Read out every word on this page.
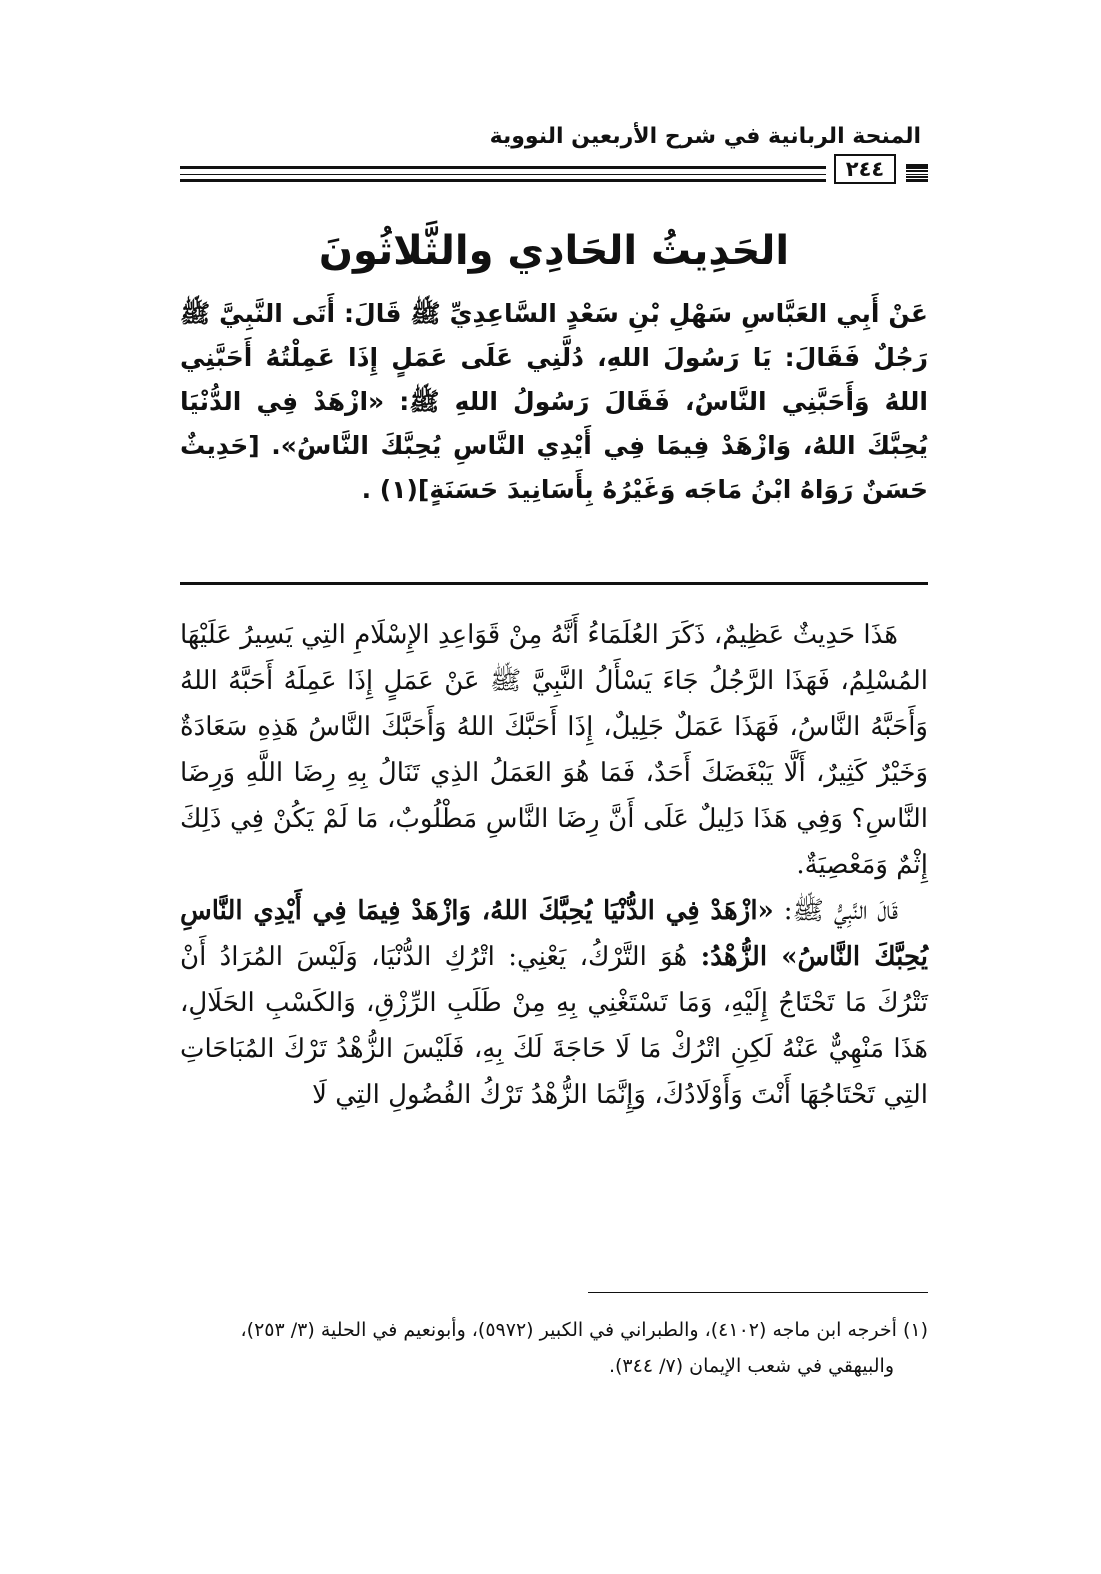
المنحة الربانية في شرح الأربعين النووية
٢٤٤
الحَدِيثُ الحَادِي والثَّلاثُونَ

عَنْ أَبِي العَبَّاسِ سَهْلِ بْنِ سَعْدٍ السَّاعِدِيِّ ﷺ قَالَ: أَتَى النَّبِيَّ ﷺ رَجُلٌ فَقَالَ: يَا رَسُولَ اللهِ، دُلَّنِي عَلَى عَمَلٍ إِذَا عَمِلْتُهُ أَحَبَّنِي اللهُ وَأَحَبَّنِي النَّاسُ، فَقَالَ رَسُولُ اللهِ ﷺ: «ازْهَدْ فِي الدُّنْيَا يُحِبَّكَ اللهُ، وَازْهَدْ فِيمَا فِي أَيْدِي النَّاسِ يُحِبَّكَ النَّاسُ». [حَدِيثٌ حَسَنٌ رَوَاهُ ابْنُ مَاجَه وَغَيْرُهُ بِأَسَانِيدَ حَسَنَةٍ](١) .

هَذَا حَدِيثٌ عَظِيمٌ، ذَكَرَ العُلَمَاءُ أَنَّهُ مِنْ قَوَاعِدِ الإِسْلَامِ التِي يَسِيرُ عَلَيْهَا المُسْلِمُ، فَهَذَا الرَّجُلُ جَاءَ يَسْأَلُ النَّبِيَّ ﷺ عَنْ عَمَلٍ إِذَا عَمِلَهُ أَحَبَّهُ اللهُ وَأَحَبَّهُ النَّاسُ، فَهَذَا عَمَلٌ جَلِيلٌ، إِذَا أَحَبَّكَ اللهُ وَأَحَبَّكَ النَّاسُ هَذِهِ سَعَادَةٌ وَخَيْرٌ كَثِيرٌ، أَلَّا يَبْغَضَكَ أَحَدٌ، فَمَا هُوَ العَمَلُ الذِي تَنَالُ بِهِ رِضَا اللَّهِ وَرِضَا النَّاسِ؟ وَفِي هَذَا دَلِيلٌ عَلَى أَنَّ رِضَا النَّاسِ مَطْلُوبٌ، مَا لَمْ يَكُنْ فِي ذَلِكَ إِثْمٌ وَمَعْصِيَةٌ.

قَالَ النَّبِيُّ ﷺ: «ازْهَدْ فِي الدُّنْيَا يُحِبَّكَ اللهُ، وَازْهَدْ فِيمَا فِي أَيْدِي النَّاسِ يُحِبَّكَ النَّاسُ» الزُّهْدُ: هُوَ التَّرْكُ، يَعْنِي: اتْرُكِ الدُّنْيَا، وَلَيْسَ المُرَادُ أَنْ تَتْرُكَ مَا تَحْتَاجُ إِلَيْهِ، وَمَا تَسْتَغْنِي بِهِ مِنْ طَلَبِ الرِّزْقِ، وَالكَسْبِ الحَلَالِ، هَذَا مَنْهِيٌّ عَنْهُ لَكِنِ اتْرُكْ مَا لَا حَاجَةَ لَكَ بِهِ، فَلَيْسَ الزُّهْدُ تَرْكَ المُبَاحَاتِ التِي تَحْتَاجُهَا أَنْتَ وَأَوْلَادُكَ، وَإِنَّمَا الزُّهْدُ تَرْكُ الفُضُولِ التِي لَا

(١) أخرجه ابن ماجه (٤١٠٢)، والطبراني في الكبير (٥٩٧٢)، وأبونعيم في الحلية (٣/ ٢٥٣)،

والبيهقي في شعب الإيمان (٧/ ٣٤٤).
